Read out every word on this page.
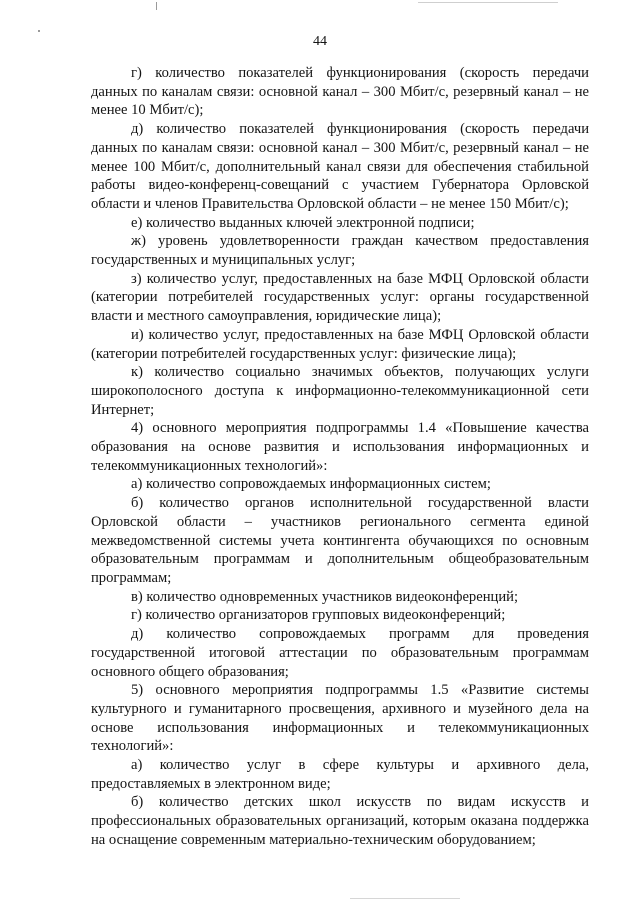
44

г) количество показателей функционирования (скорость передачи данных по каналам связи: основной канал – 300 Мбит/с, резервный канал – не менее 10 Мбит/с);

д) количество показателей функционирования (скорость передачи данных по каналам связи: основной канал – 300 Мбит/с, резервный канал – не менее 100 Мбит/с, дополнительный канал связи для обеспечения стабильной работы видео-конференц-совещаний с участием Губернатора Орловской области и членов Правительства Орловской области – не менее 150 Мбит/с);

е) количество выданных ключей электронной подписи;

ж) уровень удовлетворенности граждан качеством предоставления государственных и муниципальных услуг;

з) количество услуг, предоставленных на базе МФЦ Орловской области (категории потребителей государственных услуг: органы государственной власти и местного самоуправления, юридические лица);

и) количество услуг, предоставленных на базе МФЦ Орловской области (категории потребителей государственных услуг: физические лица);

к) количество социально значимых объектов, получающих услуги широкополосного доступа к информационно-телекоммуникационной сети Интернет;

4) основного мероприятия подпрограммы 1.4 «Повышение качества образования на основе развития и использования информационных и телекоммуникационных технологий»:

а) количество сопровождаемых информационных систем;

б) количество органов исполнительной государственной власти Орловской области – участников регионального сегмента единой межведомственной системы учета контингента обучающихся по основным образовательным программам и дополнительным общеобразовательным программам;

в) количество одновременных участников видеоконференций;

г) количество организаторов групповых видеоконференций;

д) количество сопровождаемых программ для проведения государственной итоговой аттестации по образовательным программам основного общего образования;

5) основного мероприятия подпрограммы 1.5 «Развитие системы культурного и гуманитарного просвещения, архивного и музейного дела на основе использования информационных и телекоммуникационных технологий»:

а) количество услуг в сфере культуры и архивного дела, предоставляемых в электронном виде;

б) количество детских школ искусств по видам искусств и профессиональных образовательных организаций, которым оказана поддержка на оснащение современным материально-техническим оборудованием;
